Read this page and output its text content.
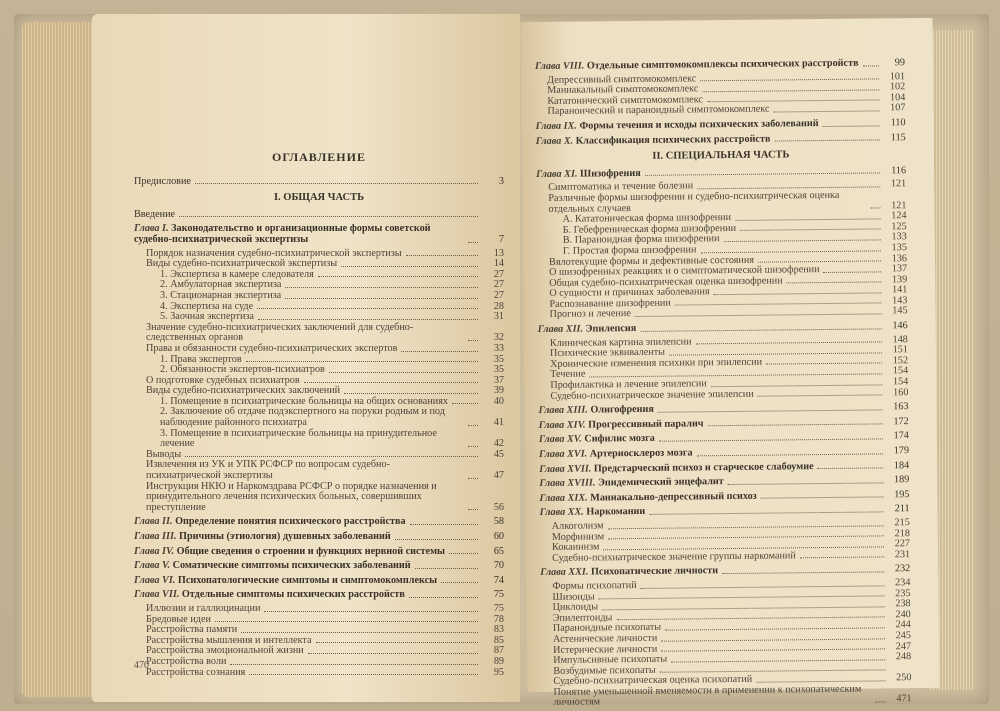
ОГЛАВЛЕНИЕ
Предисловие	3
I. ОБЩАЯ ЧАСТЬ
Введение
Глава I. Законодательство и организационные формы советской судебно-психиатрической экспертизы	7
Порядок назначения судебно-психиатрической экспертизы	13
Виды судебно-психиатрической экспертизы	14
1. Экспертиза в камере следователя	27
2. Амбулаторная экспертиза	27
3. Стационарная экспертиза	27
4. Экспертиза на суде	28
5. Заочная экспертиза	31
Значение судебно-психиатрических заключений для судебно-следственных органов	32
Права и обязанности судебно-психиатрических экспертов	33
1. Права экспертов	35
2. Обязанности экспертов-психиатров	35
О подготовке судебных психиатров	37
Виды судебно-психиатрических заключений	39
1. Помещение в психиатрические больницы на общих основаниях	40
2. Заключение об отдаче подэкспертного на поруки родным и под наблюдение районного психиатра	41
3. Помещение в психиатрические больницы на принудительное лечение	42
Выводы	45
Извлечения из УК и УПК РСФСР по вопросам судебно-психиатрической экспертизы	47
Инструкция НКЮ и Наркомздрава РСФСР о порядке назначения и принудительного лечения психических больных, совершивших преступление	56
Глава II. Определение понятия психического расстройства	58
Глава III. Причины (этиология) душевных заболеваний	60
Глава IV. Общие сведения о строении и функциях нервной системы	65
Глава V. Соматические симптомы психических заболеваний	70
Глава VI. Психопатологические симптомы и симптомокомплексы	74
Глава VII. Отдельные симптомы психических расстройств	75
Иллюзии и галлюцинации	75
Бредовые идеи	78
Расстройства памяти	83
Расстройства мышления и интеллекта	85
Расстройства эмоциональной жизни	87
Расстройства воли	89
Расстройства сознания	95
470
Глава VIII. Отдельные симптомокомплексы психических расстройств	99
Депрессивный симптомокомплекс	101
Маниакальный симптомокомплекс	102
Кататонический симптомокомплекс	104
Параноический и параноидный симптомокомплекс	107
Глава IX. Формы течения и исходы психических заболеваний	110
Глава X. Классификация психических расстройств	115
II. СПЕЦИАЛЬНАЯ ЧАСТЬ
Глава XI. Шизофрения	116
Симптоматика и течение болезни	121
Различные формы шизофрении и судебно-психиатрическая оценка отдельных случаев	121
А. Кататоническая форма шизофрении	124
Б. Гебефреническая форма шизофрении	125
В. Параноидная форма шизофрении	133
Г. Простая форма шизофрении	135
Вялотекущие формы и дефективные состояния	136
О шизофренных реакциях и о симптоматической шизофрении	137
Общая судебно-психиатрическая оценка шизофрении	139
О сущности и причинах заболевания	141
Распознавание шизофрении	143
Прогноз и лечение	145
Глава XII. Эпилепсия	146
Клиническая картина эпилепсии	148
Психические эквиваленты	151
Хронические изменения психики при эпилепсии	152
Течение	154
Профилактика и лечение эпилепсии	154
Судебно-психиатрическое значение эпилепсии	160
Глава XIII. Олигофрения	163
Глава XIV. Прогрессивный паралич	172
Глава XV. Сифилис мозга	174
Глава XVI. Артериосклероз мозга	179
Глава XVII. Предстарческий психоз и старческое слабоумие	184
Глава XVIII. Эпидемический энцефалит	189
Глава XIX. Маниакально-депрессивный психоз	195
Глава XX. Наркомании	211
Алкоголизм	215
Морфинизм	218
Кокаинизм	227
Судебно-психиатрическое значение группы наркоманий	231
Глава XXI. Психопатические личности	232
Формы психопатий	234
Шизоиды	235
Циклоиды	238
Эпилептоиды	240
Параноидные психопаты	244
Астенические личности	245
Истерические личности	247
Импульсивные психопаты	248
Возбудимые психопаты
Судебно-психиатрическая оценка психопатий	250
Понятие уменьшенной вменяемости в применении к психопатическим личностям	471
